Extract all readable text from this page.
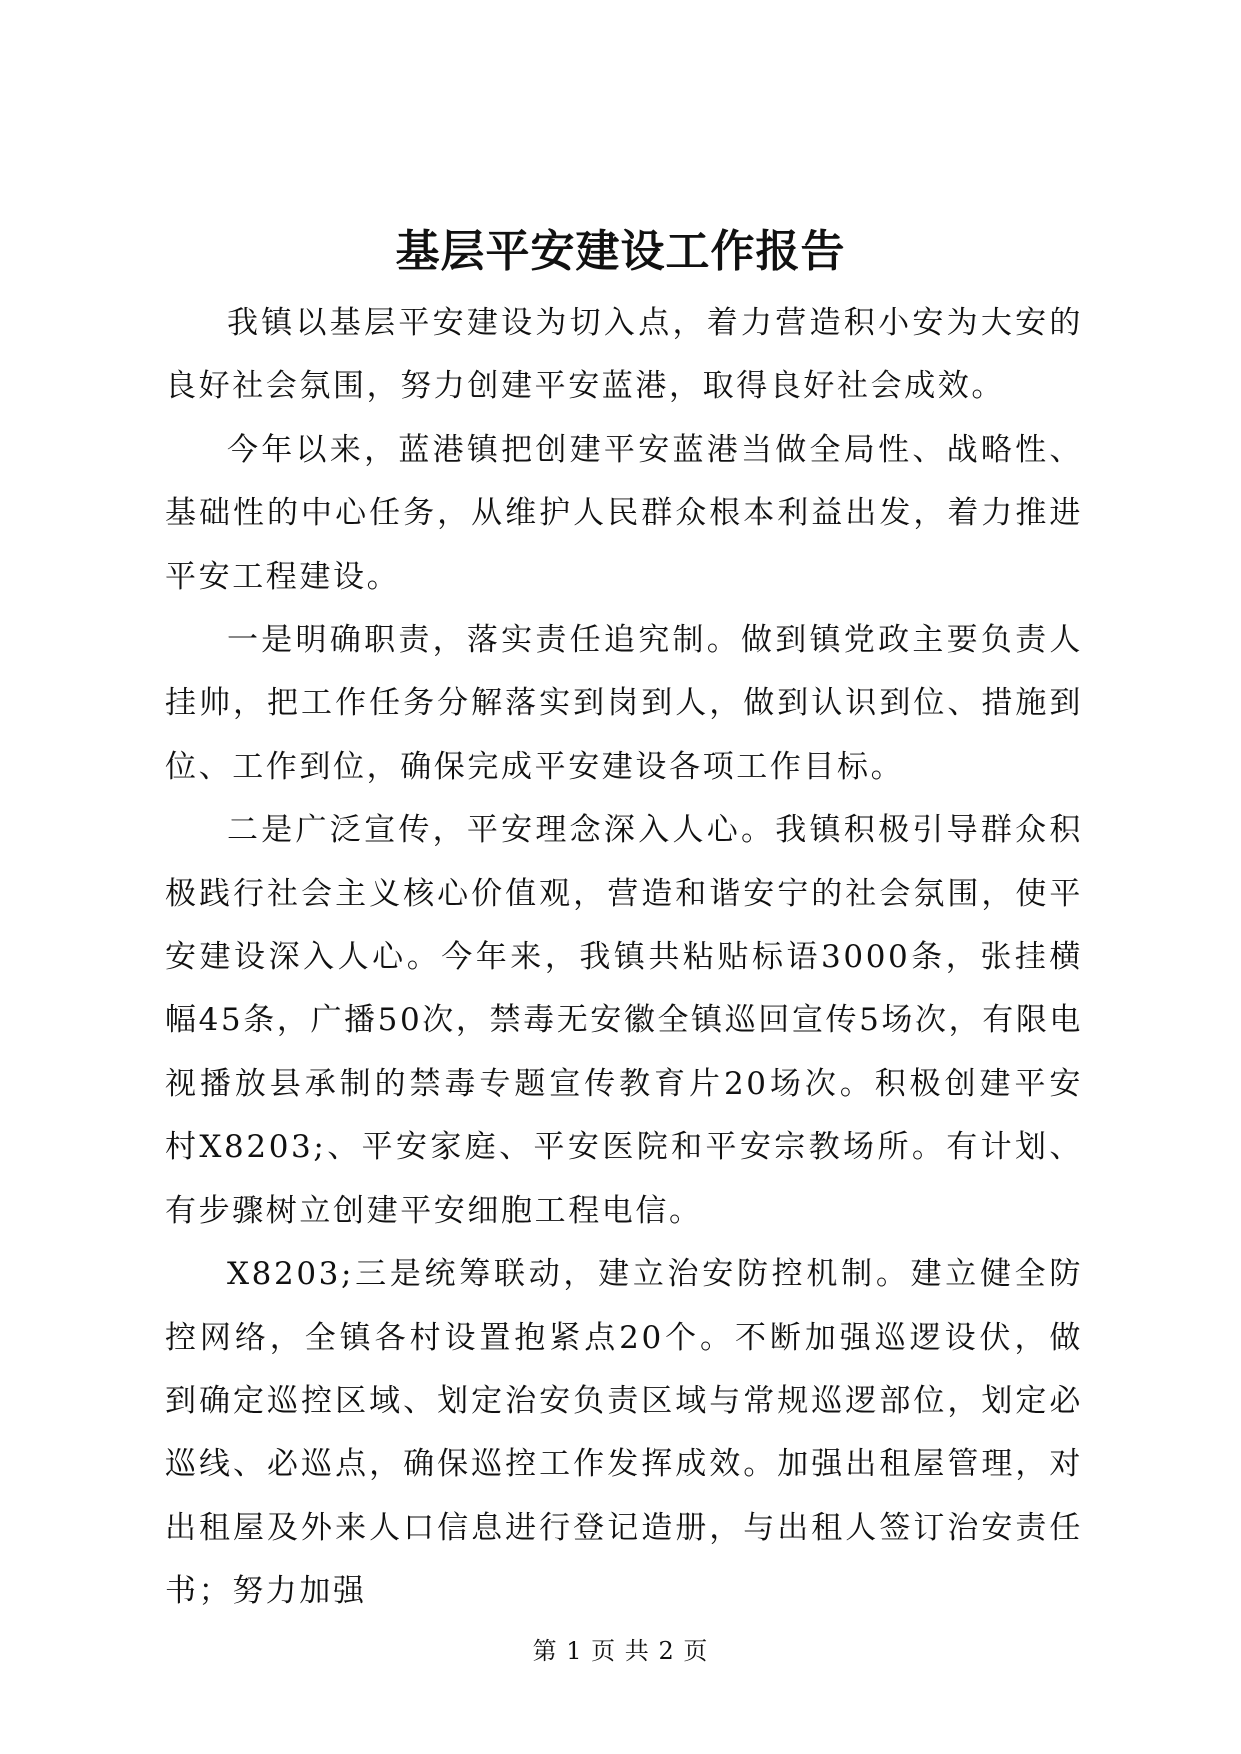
基层平安建设工作报告

我镇以基层平安建设为切入点，着力营造积小安为大安的良好社会氛围，努力创建平安蓝港，取得良好社会成效。

今年以来，蓝港镇把创建平安蓝港当做全局性、战略性、基础性的中心任务，从维护人民群众根本利益出发，着力推进平安工程建设。

一是明确职责，落实责任追究制。做到镇党政主要负责人挂帅，把工作任务分解落实到岗到人，做到认识到位、措施到位、工作到位，确保完成平安建设各项工作目标。

二是广泛宣传，平安理念深入人心。我镇积极引导群众积极践行社会主义核心价值观，营造和谐安宁的社会氛围，使平安建设深入人心。今年来，我镇共粘贴标语3000条，张挂横幅45条，广播50次，禁毒无安徽全镇巡回宣传5场次，有限电视播放县承制的禁毒专题宣传教育片20场次。积极创建平安村X8203;、平安家庭、平安医院和平安宗教场所。有计划、有步骤树立创建平安细胞工程电信。

X8203;三是统筹联动，建立治安防控机制。建立健全防控网络，全镇各村设置抱紧点20个。不断加强巡逻设伏，做到确定巡控区域、划定治安负责区域与常规巡逻部位，划定必巡线、必巡点，确保巡控工作发挥成效。加强出租屋管理，对出租屋及外来人口信息进行登记造册，与出租人签订治安责任书；努力加强

第 1 页 共 2 页
